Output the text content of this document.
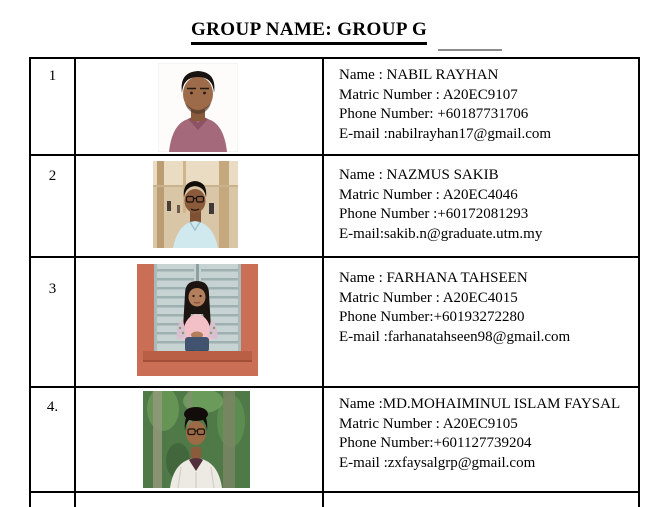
GROUP NAME: GROUP G
1	Name : NABIL RAYHAN
Matric Number : A20EC9107
Phone Number: +60187731706
E-mail :nabilrayhan17@gmail.com
2	Name : NAZMUS SAKIB
Matric Number : A20EC4046
Phone Number :+60172081293
E-mail:sakib.n@graduate.utm.my
3
Name : FARHANA TAHSEEN
Matric Number : A20EC4015
Phone Number:+60193272280
E-mail :farhanatahseen98@gmail.com
4.	Name :MD.MOHAIMINUL ISLAM FAYSAL
Matric Number : A20EC9105
Phone Number:+601127739204
E-mail :zxfaysalgrp@gmail.com
